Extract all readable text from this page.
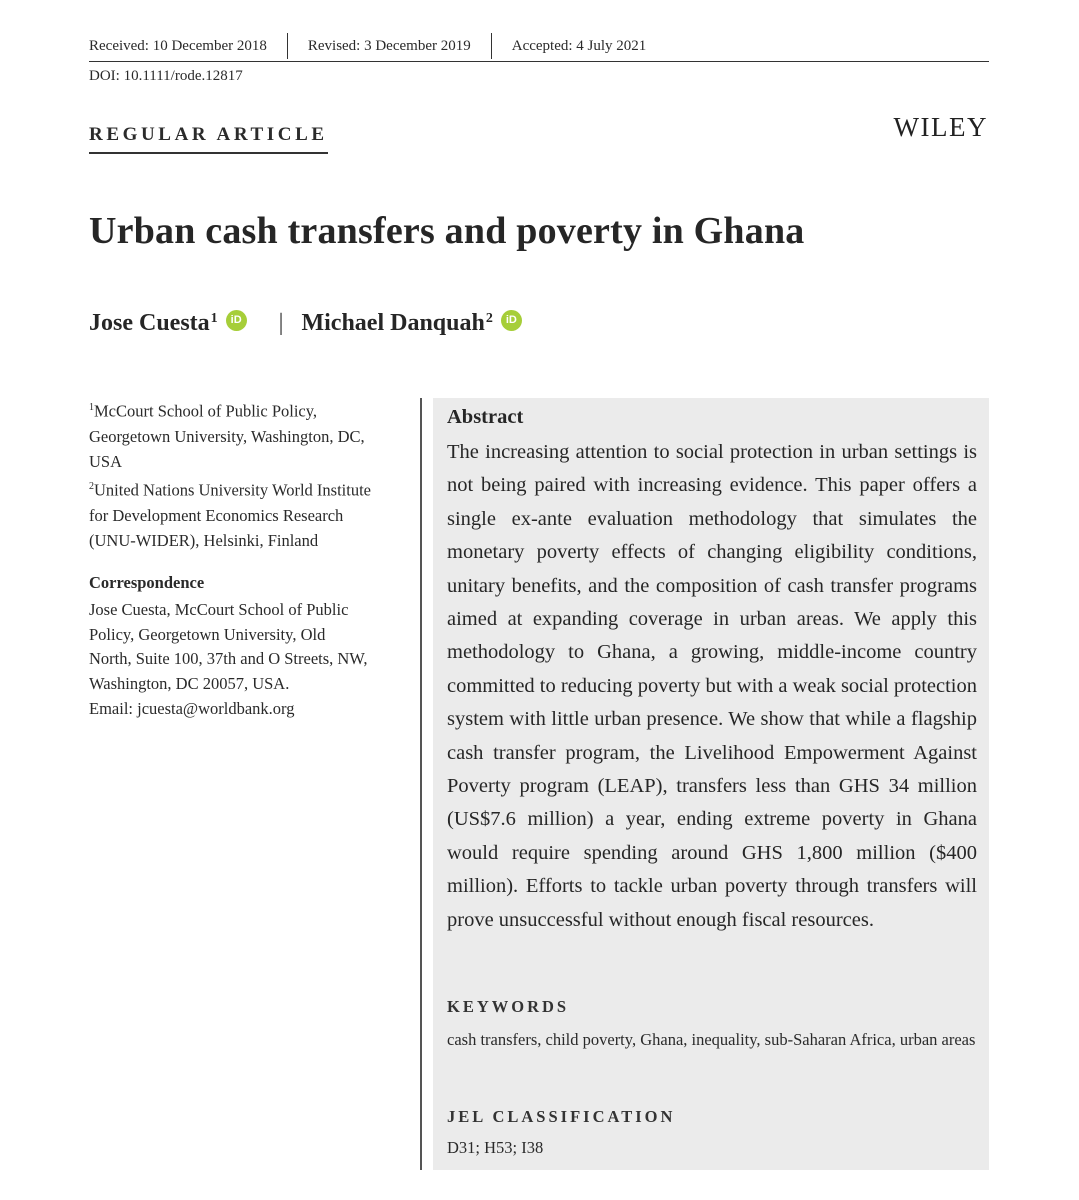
Received: 10 December 2018	Revised: 3 December 2019	Accepted: 4 July 2021
DOI: 10.1111/rode.12817
REGULAR ARTICLE	WILEY
Urban cash transfers and poverty in Ghana
Jose Cuesta$^1$	iD | Michael Danquah$^2$	iD
$^1$McCourt School of Public Policy,
Georgetown University, Washington, DC,
USA
$^2$United Nations University World Institute
for Development Economics Research
(UNU-WIDER), Helsinki, Finland
Correspondence
Jose Cuesta, McCourt School of Public
Policy, Georgetown University, Old
North, Suite 100, 37th and O Streets, NW,
Washington, DC 20057, USA.
Email: jcuesta@worldbank.org
Abstract

The increasing attention to social protection in urban settings is not being paired with increasing evidence. This paper offers a single ex-ante evaluation methodology that simulates the monetary poverty effects of changing eligibility conditions, unitary benefits, and the composition of cash transfer programs aimed at expanding coverage in urban areas. We apply this methodology to Ghana, a growing, middle-income country committed to reducing poverty but with a weak social protection system with little urban presence. We show that while a flagship cash transfer program, the Livelihood Empowerment Against Poverty program (LEAP), transfers less than GHS 34 million (US$7.6 million) a year, ending extreme poverty in Ghana would require spending around GHS 1,800 million ($400 million). Efforts to tackle urban poverty through transfers will prove unsuccessful without enough fiscal resources.

KEYWORDS
cash transfers, child poverty, Ghana, inequality, sub-Saharan Africa, urban areas
JEL CLASSIFICATION
D31; H53; I38
